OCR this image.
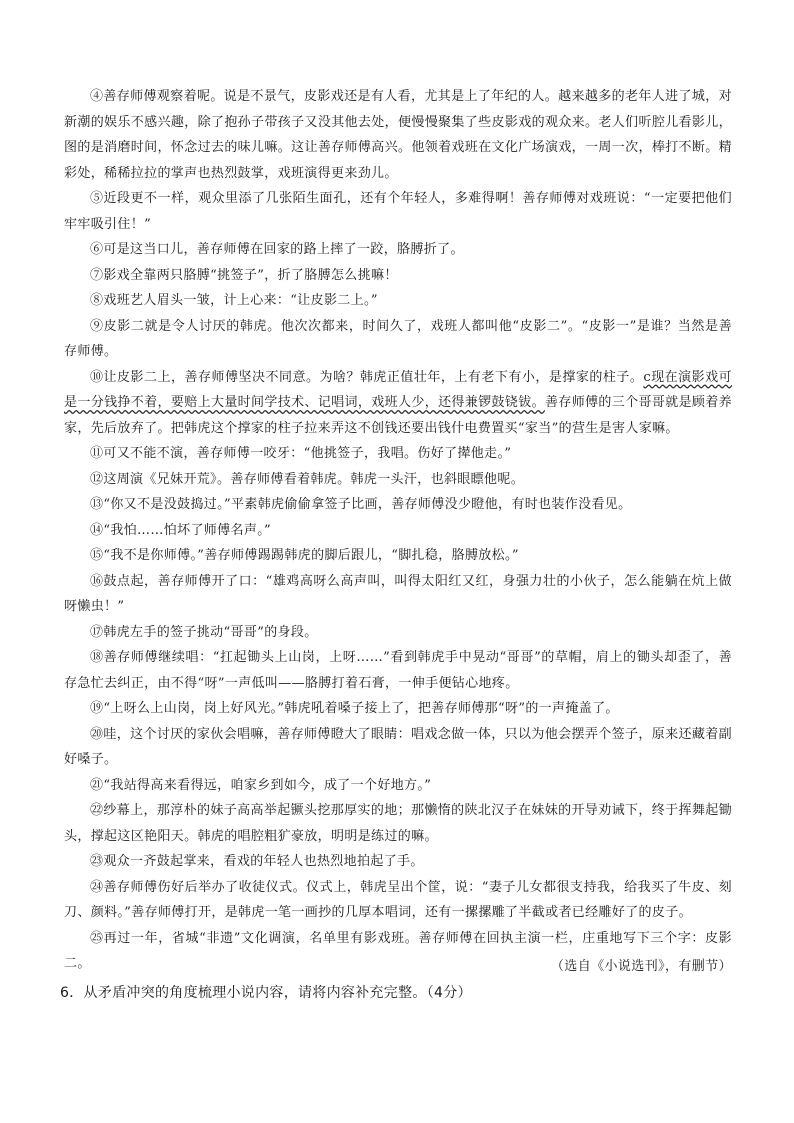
④善存师傅观察着呢。说是不景气，皮影戏还是有人看，尤其是上了年纪的人。越来越多的老年人进了城，对新潮的娱乐不感兴趣，除了抱孙子带孩子又没其他去处，便慢慢聚集了些皮影戏的观众来。老人们听腔儿看影儿，图的是消磨时间，怀念过去的味儿嘛。这让善存师傅高兴。他领着戏班在文化广场演戏，一周一次，棒打不断。精彩处，稀稀拉拉的掌声也热烈鼓掌，戏班演得更来劲儿。

⑤近段更不一样，观众里添了几张陌生面孔，还有个年轻人，多难得啊！善存师傅对戏班说：“一定要把他们牢牢吸引住！”

⑥可是这当口儿，善存师傅在回家的路上摔了一跤，胳膊折了。

⑦影戏全靠两只胳膊“挑签子”，折了胳膊怎么挑嘛！

⑧戏班艺人眉头一皱，计上心来：“让皮影二上。”

⑨皮影二就是令人讨厌的韩虎。他次次都来，时间久了，戏班人都叫他“皮影二”。“皮影一”是谁？当然是善存师傅。

⑩让皮影二上，善存师傅坚决不同意。为啥？韩虎正值壮年，上有老下有小，是撑家的柱子。c现在演影戏可是一分钱挣不着，要赔上大量时间学技术、记唱词，戏班人少，还得兼锣鼓铙钹。善存师傅的三个哥哥就是顾着养家，先后放弃了。把韩虎这个撑家的柱子拉来弄这不创钱还要出钱什电费置买“家当”的营生是害人家嘛。

⑪可又不能不演，善存师傅一咬牙：“他挑签子，我唱。伤好了撵他走。”

⑫这周演《兄妹开荒》。善存师傅看着韩虎。韩虎一头汗，也斜眼瞟他呢。

⑬“你又不是没鼓捣过。”平素韩虎偷偷拿签子比画，善存师傅没少瞪他，有时也装作没看见。

⑭“我怕……怕坏了师傅名声。”

⑮“我不是你师傅。”善存师傅踢踢韩虎的脚后跟儿，“脚扎稳，胳膊放松。”

⑯鼓点起，善存师傅开了口：“雄鸡高呀么高声叫，叫得太阳红又红，身强力壮的小伙子，怎么能躺在炕上做呀懒虫！”

⑰韩虎左手的签子挑动“哥哥”的身段。

⑱善存师傅继续唱：“扛起锄头上山岗，上呀……”看到韩虎手中晃动“哥哥”的草帽，肩上的锄头却歪了，善存急忙去纠正，由不得“呀”一声低叫——胳膊打着石膏，一伸手便钻心地疼。

⑲“上呀么上山岗，岗上好风光。”韩虎吼着嗓子接上了，把善存师傅那“呀”的一声掩盖了。

⑳哇，这个讨厌的家伙会唱嘛，善存师傅瞪大了眼睛：唱戏念做一体，只以为他会摆弄个签子，原来还藏着副好嗓子。

㉑“我站得高来看得远，咱家乡到如今，成了一个好地方。”

㉒纱幕上，那淳朴的妹子高高举起镢头挖那厚实的地；那懒惰的陕北汉子在妹妹的开导劝诫下，终于挥舞起锄头，撑起这区艳阳天。韩虎的唱腔粗犷豪放，明明是练过的嘛。

㉓观众一齐鼓起掌来，看戏的年轻人也热烈地拍起了手。

㉔善存师傅伤好后举办了收徒仪式。仪式上，韩虎呈出个筐，说：“妻子儿女都很支持我，给我买了牛皮、刻刀、颜料。”善存师傅打开，是韩虎一笔一画抄的几厚本唱词，还有一摞摞雕了半截或者已经雕好了的皮子。

㉕再过一年，省城“非遗”文化调演，名单里有影戏班。善存师傅在回执主演一栏，庄重地写下三个字：皮影二。	（选自《小说选刊》，有删节）
6．从矛盾冲突的角度梳理小说内容，请将内容补充完整。（4分）
